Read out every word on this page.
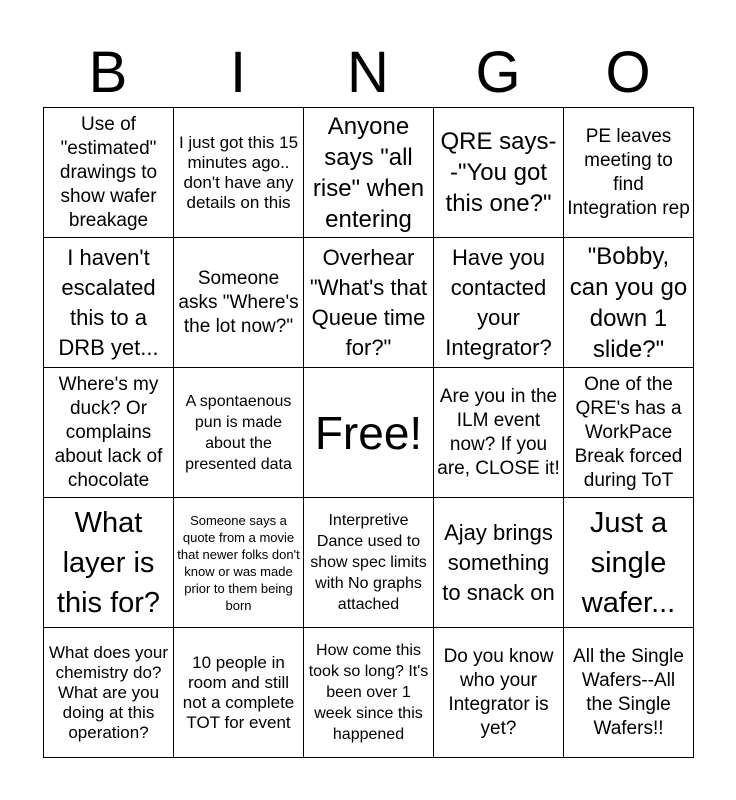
B	I	N	G	O
Use of "estimated" drawings to show wafer breakage
I just got this 15 minutes ago.. don't have any details on this
Anyone says "all rise" when entering
QRE says--"You got this one?"
PE leaves meeting to find Integration rep
I haven't escalated this to a DRB yet...
Someone asks "Where's the lot now?"
Overhear "What's that Queue time for?"
Have you contacted your Integrator?
"Bobby, can you go down 1 slide?"
Where's my duck? Or complains about lack of chocolate
A spontaenous pun is made about the presented data
Free!
Are you in the ILM event now? If you are, CLOSE it!
One of the QRE's has a WorkPace Break forced during ToT
What layer is this for?
Someone says a quote from a movie that newer folks don't know or was made prior to them being born
Interpretive Dance used to show spec limits with No graphs attached
Ajay brings something to snack on
Just a single wafer...
What does your chemistry do? What are you doing at this operation?
10 people in room and still not a complete TOT for event
How come this took so long? It's been over 1 week since this happened
Do you know who your Integrator is yet?
All the Single Wafers--All the Single Wafers!!
